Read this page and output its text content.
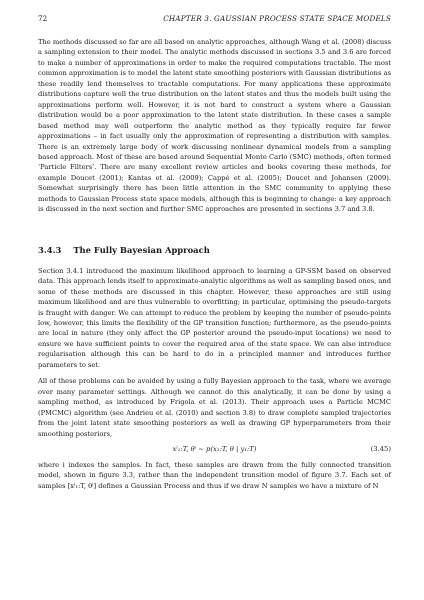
72	CHAPTER 3. GAUSSIAN PROCESS STATE SPACE MODELS

The methods discussed so far are all based on analytic approaches, although Wang et al. (2008) discuss a sampling extension to their model. The analytic methods discussed in sections 3.5 and 3.6 are forced to make a number of approximations in order to make the required computations tractable. The most common approximation is to model the latent state smoothing posteriors with Gaussian distributions as these readily lend themselves to tractable computations. For many applications these approximate distributions capture well the true distribution on the latent states and thus the models built using the approximations perform well. However, it is not hard to construct a system where a Gaussian distribution would be a poor approximation to the latent state distribution. In these cases a sample based method may well outperform the analytic method as they typically require far fewer approximations – in fact usually only the approximation of representing a distribution with samples. There is an extremely large body of work discussing nonlinear dynamical models from a sampling based approach. Most of these are based around Sequential Monte Carlo (SMC) methods, often termed ‘Particle Filters’. There are many excellent review articles and books covering these methods, for example Doucet (2001); Kantas et al. (2009); Cappé et al. (2005); Doucet and Johansen (2009). Somewhat surprisingly there has been little attention in the SMC community to applying these methods to Gaussian Process state space models, although this is beginning to change: a key approach is discussed in the next section and further SMC approaches are presented in sections 3.7 and 3.8.

3.4.3 The Fully Bayesian Approach

Section 3.4.1 introduced the maximum likelihood approach to learning a GP-SSM based on observed data. This approach lends itself to approximate-analytic algorithms as well as sampling based ones, and some of these methods are discussed in this chapter. However, these approaches are still using maximum likelihood and are thus vulnerable to overfitting; in particular, optimising the pseudo-targets is fraught with danger. We can attempt to reduce the problem by keeping the number of pseudo-points low, however, this limits the flexibility of the GP transition function; furthermore, as the pseudo-points are local in nature (they only affect the GP posterior around the pseudo-input locations) we need to ensure we have sufficient points to cover the required area of the state space. We can also introduce regularisation although this can be hard to do in a principled manner and introduces further parameters to set.

All of these problems can be avoided by using a fully Bayesian approach to the task, where we average over many parameter settings. Although we cannot do this analytically, it can be done by using a sampling method, as introduced by Frigola et al. (2013). Their approach uses a Particle MCMC (PMCMC) algorithm (see Andrieu et al. (2010) and section 3.8) to draw complete sampled trajectories from the joint latent state smoothing posteriors as well as drawing GP hyperparameters from their smoothing posteriors,

xⁱ₁:T, θⁱ ~ p(x₁:T, θ | y₁:T)	(3.45)

where i indexes the samples. In fact, these samples are drawn from the fully connected transition model, shown in figure 3.3, rather than the independent transition model of figure 3.7. Each set of samples [xⁱ₁:T, θⁱ] defines a Gaussian Process and thus if we draw N samples we have a mixture of N
